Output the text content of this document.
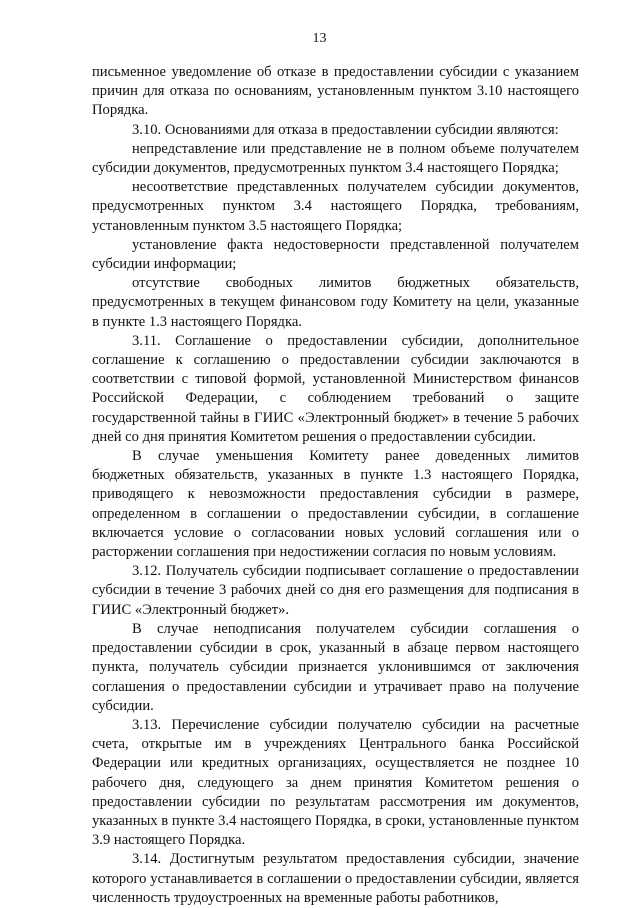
13

письменное уведомление об отказе в предоставлении субсидии с указанием причин для отказа по основаниям, установленным пунктом 3.10 настоящего Порядка.

3.10. Основаниями для отказа в предоставлении субсидии являются:

непредставление или представление не в полном объеме получателем субсидии документов, предусмотренных пунктом 3.4 настоящего Порядка;

несоответствие представленных получателем субсидии документов, предусмотренных пунктом 3.4 настоящего Порядка, требованиям, установленным пунктом 3.5 настоящего Порядка;

установление факта недостоверности представленной получателем субсидии информации;

отсутствие свободных лимитов бюджетных обязательств, предусмотренных в текущем финансовом году Комитету на цели, указанные в пункте 1.3 настоящего Порядка.

3.11. Соглашение о предоставлении субсидии, дополнительное соглашение к соглашению о предоставлении субсидии заключаются в соответствии с типовой формой, установленной Министерством финансов Российской Федерации, с соблюдением требований о защите государственной тайны в ГИИС «Электронный бюджет» в течение 5 рабочих дней со дня принятия Комитетом решения о предоставлении субсидии.

В случае уменьшения Комитету ранее доведенных лимитов бюджетных обязательств, указанных в пункте 1.3 настоящего Порядка, приводящего к невозможности предоставления субсидии в размере, определенном в соглашении о предоставлении субсидии, в соглашение включается условие о согласовании новых условий соглашения или о расторжении соглашения при недостижении согласия по новым условиям.

3.12. Получатель субсидии подписывает соглашение о предоставлении субсидии в течение 3 рабочих дней со дня его размещения для подписания в ГИИС «Электронный бюджет».

В случае неподписания получателем субсидии соглашения о предоставлении субсидии в срок, указанный в абзаце первом настоящего пункта, получатель субсидии признается уклонившимся от заключения соглашения о предоставлении субсидии и утрачивает право на получение субсидии.

3.13. Перечисление субсидии получателю субсидии на расчетные счета, открытые им в учреждениях Центрального банка Российской Федерации или кредитных организациях, осуществляется не позднее 10 рабочего дня, следующего за днем принятия Комитетом решения о предоставлении субсидии по результатам рассмотрения им документов, указанных в пункте 3.4 настоящего Порядка, в сроки, установленные пунктом 3.9 настоящего Порядка.

3.14. Достигнутым результатом предоставления субсидии, значение которого устанавливается в соглашении о предоставлении субсидии, является численность трудоустроенных на временные работы работников,
